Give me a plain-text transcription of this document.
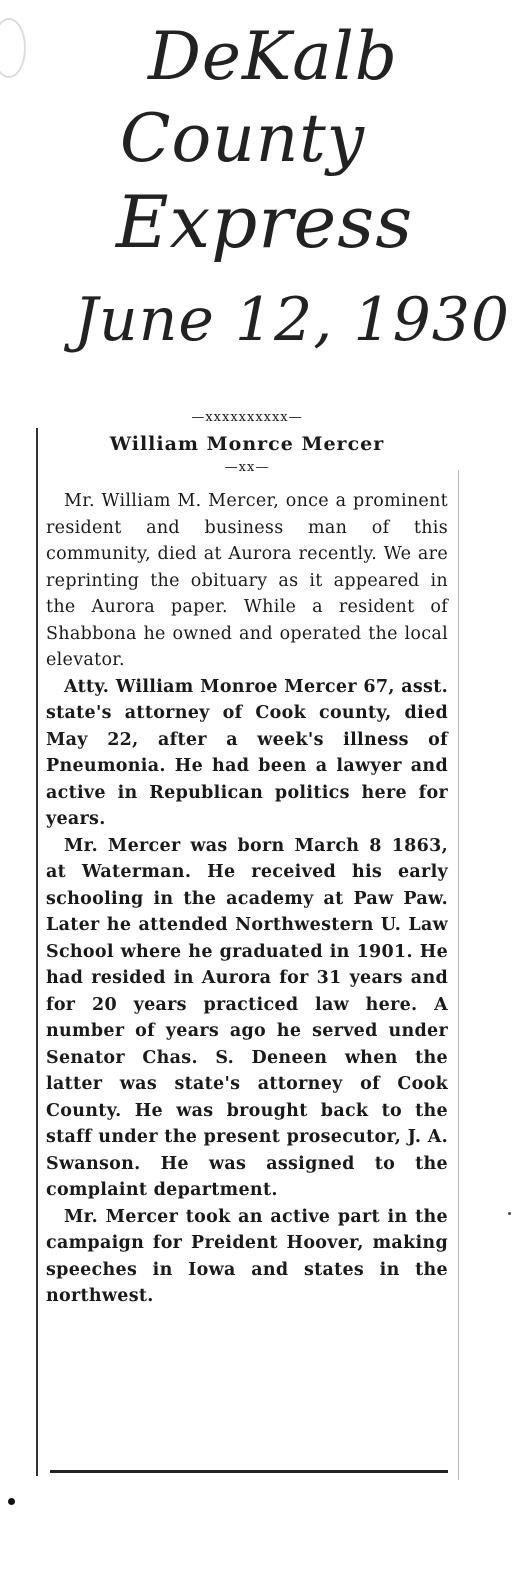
DeKalb
County
Express
June 12, 1930
—xxxxxxxxxx—
William Monrce Mercer
—xx—

Mr. William M. Mercer, once a prominent resident and business man of this community, died at Aurora recently. We are reprinting the obituary as it appeared in the Aurora paper. While a resident of Shabbona he owned and operated the local elevator.

Atty. William Monroe Mercer 67, asst. state's attorney of Cook county, died May 22, after a week's illness of Pneumonia. He had been a lawyer and active in Republican politics here for years.

Mr. Mercer was born March 8 1863, at Waterman. He received his early schooling in the academy at Paw Paw. Later he attended Northwestern U. Law School where he graduated in 1901. He had resided in Aurora for 31 years and for 20 years practiced law here. A number of years ago he served under Senator Chas. S. Deneen when the latter was state's attorney of Cook County. He was brought back to the staff under the present prosecutor, J. A. Swanson. He was assigned to the complaint department.

Mr. Mercer took an active part in the campaign for Preident Hoover, making speeches in Iowa and states in the northwest.
